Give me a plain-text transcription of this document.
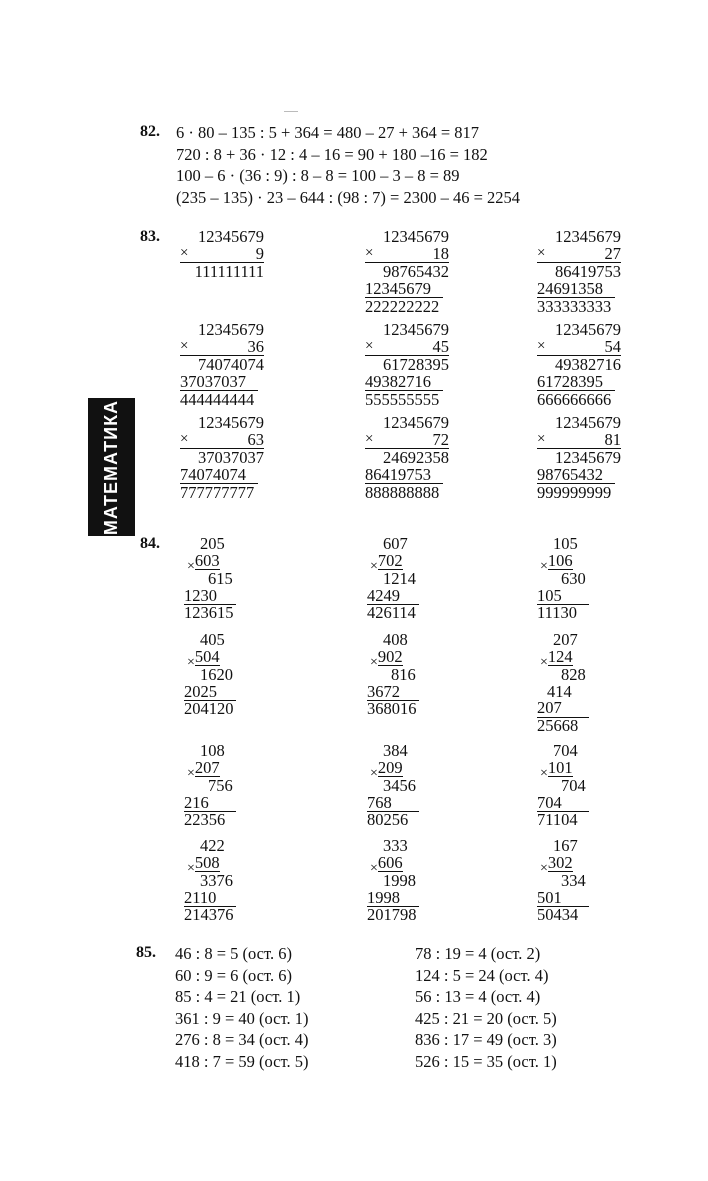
82. 6 · 80 – 135 : 5 + 364 = 480 – 27 + 364 = 817
720 : 8 + 36 · 12 : 4 – 16 = 90 + 180 –16 = 182
100 – 6 · (36 : 9) : 8 – 8 = 100 – 3 – 8 = 89
(235 – 135) · 23 – 644 : (98 : 7) = 2300 – 46 = 2254
83.	12345679
×	9
111111111
12345679
×	18
98765432
12345679
222222222
12345679
×	27
86419753
24691358
333333333
12345679
×	36
74074074
37037037
444444444
12345679
×	45
61728395
49382716
555555555
12345679
×	54
49382716
61728395
666666666
12345679
×	63
37037037
74074074
777777777
12345679
×	72
24692358
86419753
888888888
12345679
×	81
12345679
98765432
999999999
МАТЕМАТИКА
84.	205
$_\times$603
615
1230
123615
607
$_\times$702
1214
4249
426114
105
$_\times$106
630
105
11130
405
$_\times$504
1620
2025
204120
408
$_\times$902
816
3672
368016
207
$_\times$124
828
414
207
25668
108
$_\times$207
756
216
22356
384
$_\times$209
3456
768
80256
704
$_\times$101
704
704
71104
422
$_\times$508
3376
2110
214376
333
$_\times$606
1998
1998
201798
167
$_\times$302
334
501
50434
85. 46 : 8 = 5 (ост. 6)
60 : 9 = 6 (ост. 6)
85 : 4 = 21 (ост. 1)
361 : 9 = 40 (ост. 1)
276 : 8 = 34 (ост. 4)
418 : 7 = 59 (ост. 5)
78 : 19 = 4 (ост. 2)
124 : 5 = 24 (ост. 4)
56 : 13 = 4 (ост. 4)
425 : 21 = 20 (ост. 5)
836 : 17 = 49 (ост. 3)
526 : 15 = 35 (ост. 1)
